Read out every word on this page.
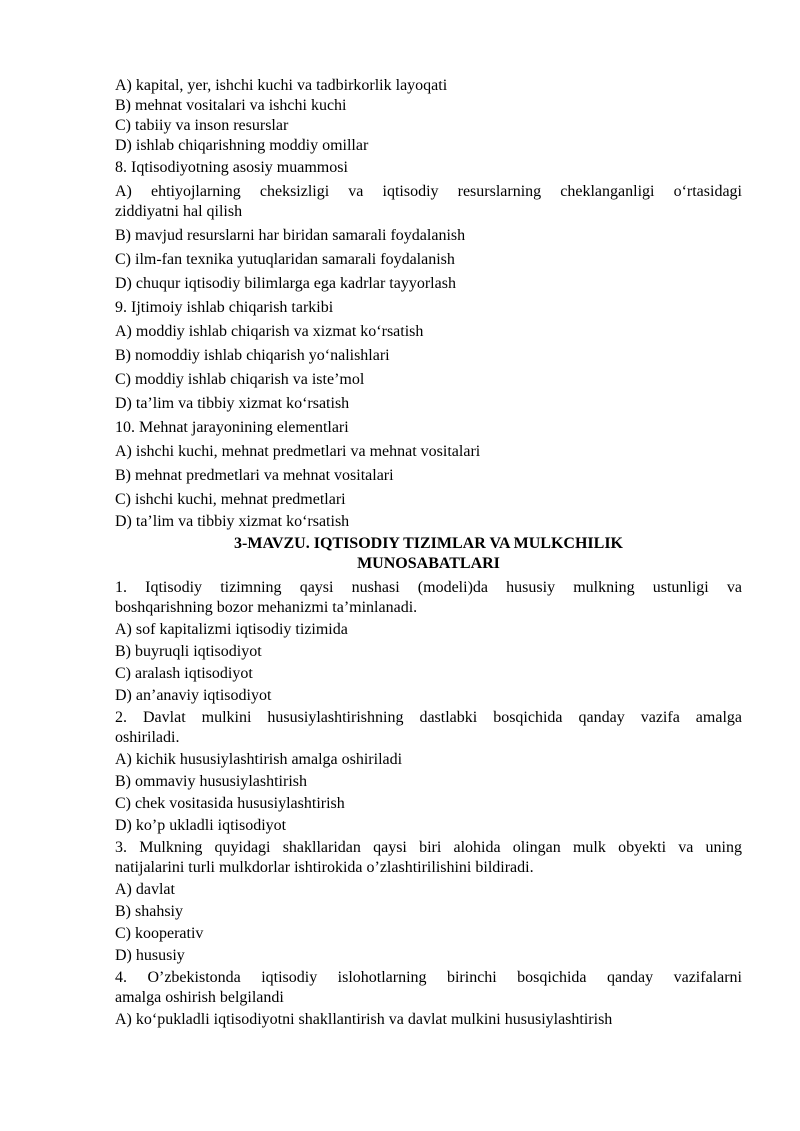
A) kapital, yer, ishchi kuchi va tadbirkorlik layoqati
B) mehnat vositalari va ishchi kuchi
C) tabiiy va inson resurslar
D) ishlab chiqarishning moddiy omillar
8. Iqtisodiyotning asosiy muammosi
A) ehtiyojlarning cheksizligi va iqtisodiy resurslarning cheklanganligi o‘rtasidagi
ziddiyatni hal qilish
B) mavjud resurslarni har biridan samarali foydalanish
C) ilm-fan texnika yutuqlaridan samarali foydalanish
D) chuqur iqtisodiy bilimlarga ega kadrlar tayyorlash
9. Ijtimoiy ishlab chiqarish tarkibi
A) moddiy ishlab chiqarish va xizmat ko‘rsatish
B) nomoddiy ishlab chiqarish yo‘nalishlari
C) moddiy ishlab chiqarish va iste’mol
D) ta’lim va tibbiy xizmat ko‘rsatish
10. Mehnat jarayonining elementlari
A) ishchi kuchi, mehnat predmetlari va mehnat vositalari
B) mehnat predmetlari va mehnat vositalari
C) ishchi kuchi, mehnat predmetlari
D) ta’lim va tibbiy xizmat ko‘rsatish
3-MAVZU. IQTISODIY TIZIMLAR VA MULKCHILIK
MUNOSABATLARI
1. Iqtisodiy tizimning qaysi nushasi (modeli)da hususiy mulkning ustunligi va
boshqarishning bozor mehanizmi ta’minlanadi.
A) sof kapitalizmi iqtisodiy tizimida
B) buyruqli iqtisodiyot
C) aralash iqtisodiyot
D) an’anaviy iqtisodiyot
2. Davlat mulkini hususiylashtirishning dastlabki bosqichida qanday vazifa amalga
oshiriladi.
A) kichik hususiylashtirish amalga oshiriladi
B) ommaviy hususiylashtirish
C) chek vositasida hususiylashtirish
D) ko’p ukladli iqtisodiyot
3. Mulkning quyidagi shakllaridan qaysi biri alohida olingan mulk obyekti va uning
natijalarini turli mulkdorlar ishtirokida o’zlashtirilishini bildiradi.
A) davlat
B) shahsiy
C) kooperativ
D) hususiy
4. O’zbekistonda iqtisodiy islohotlarning birinchi bosqichida qanday vazifalarni
amalga oshirish belgilandi
A) ko‘pukladli iqtisodiyotni shakllantirish va davlat mulkini hususiylashtirish
